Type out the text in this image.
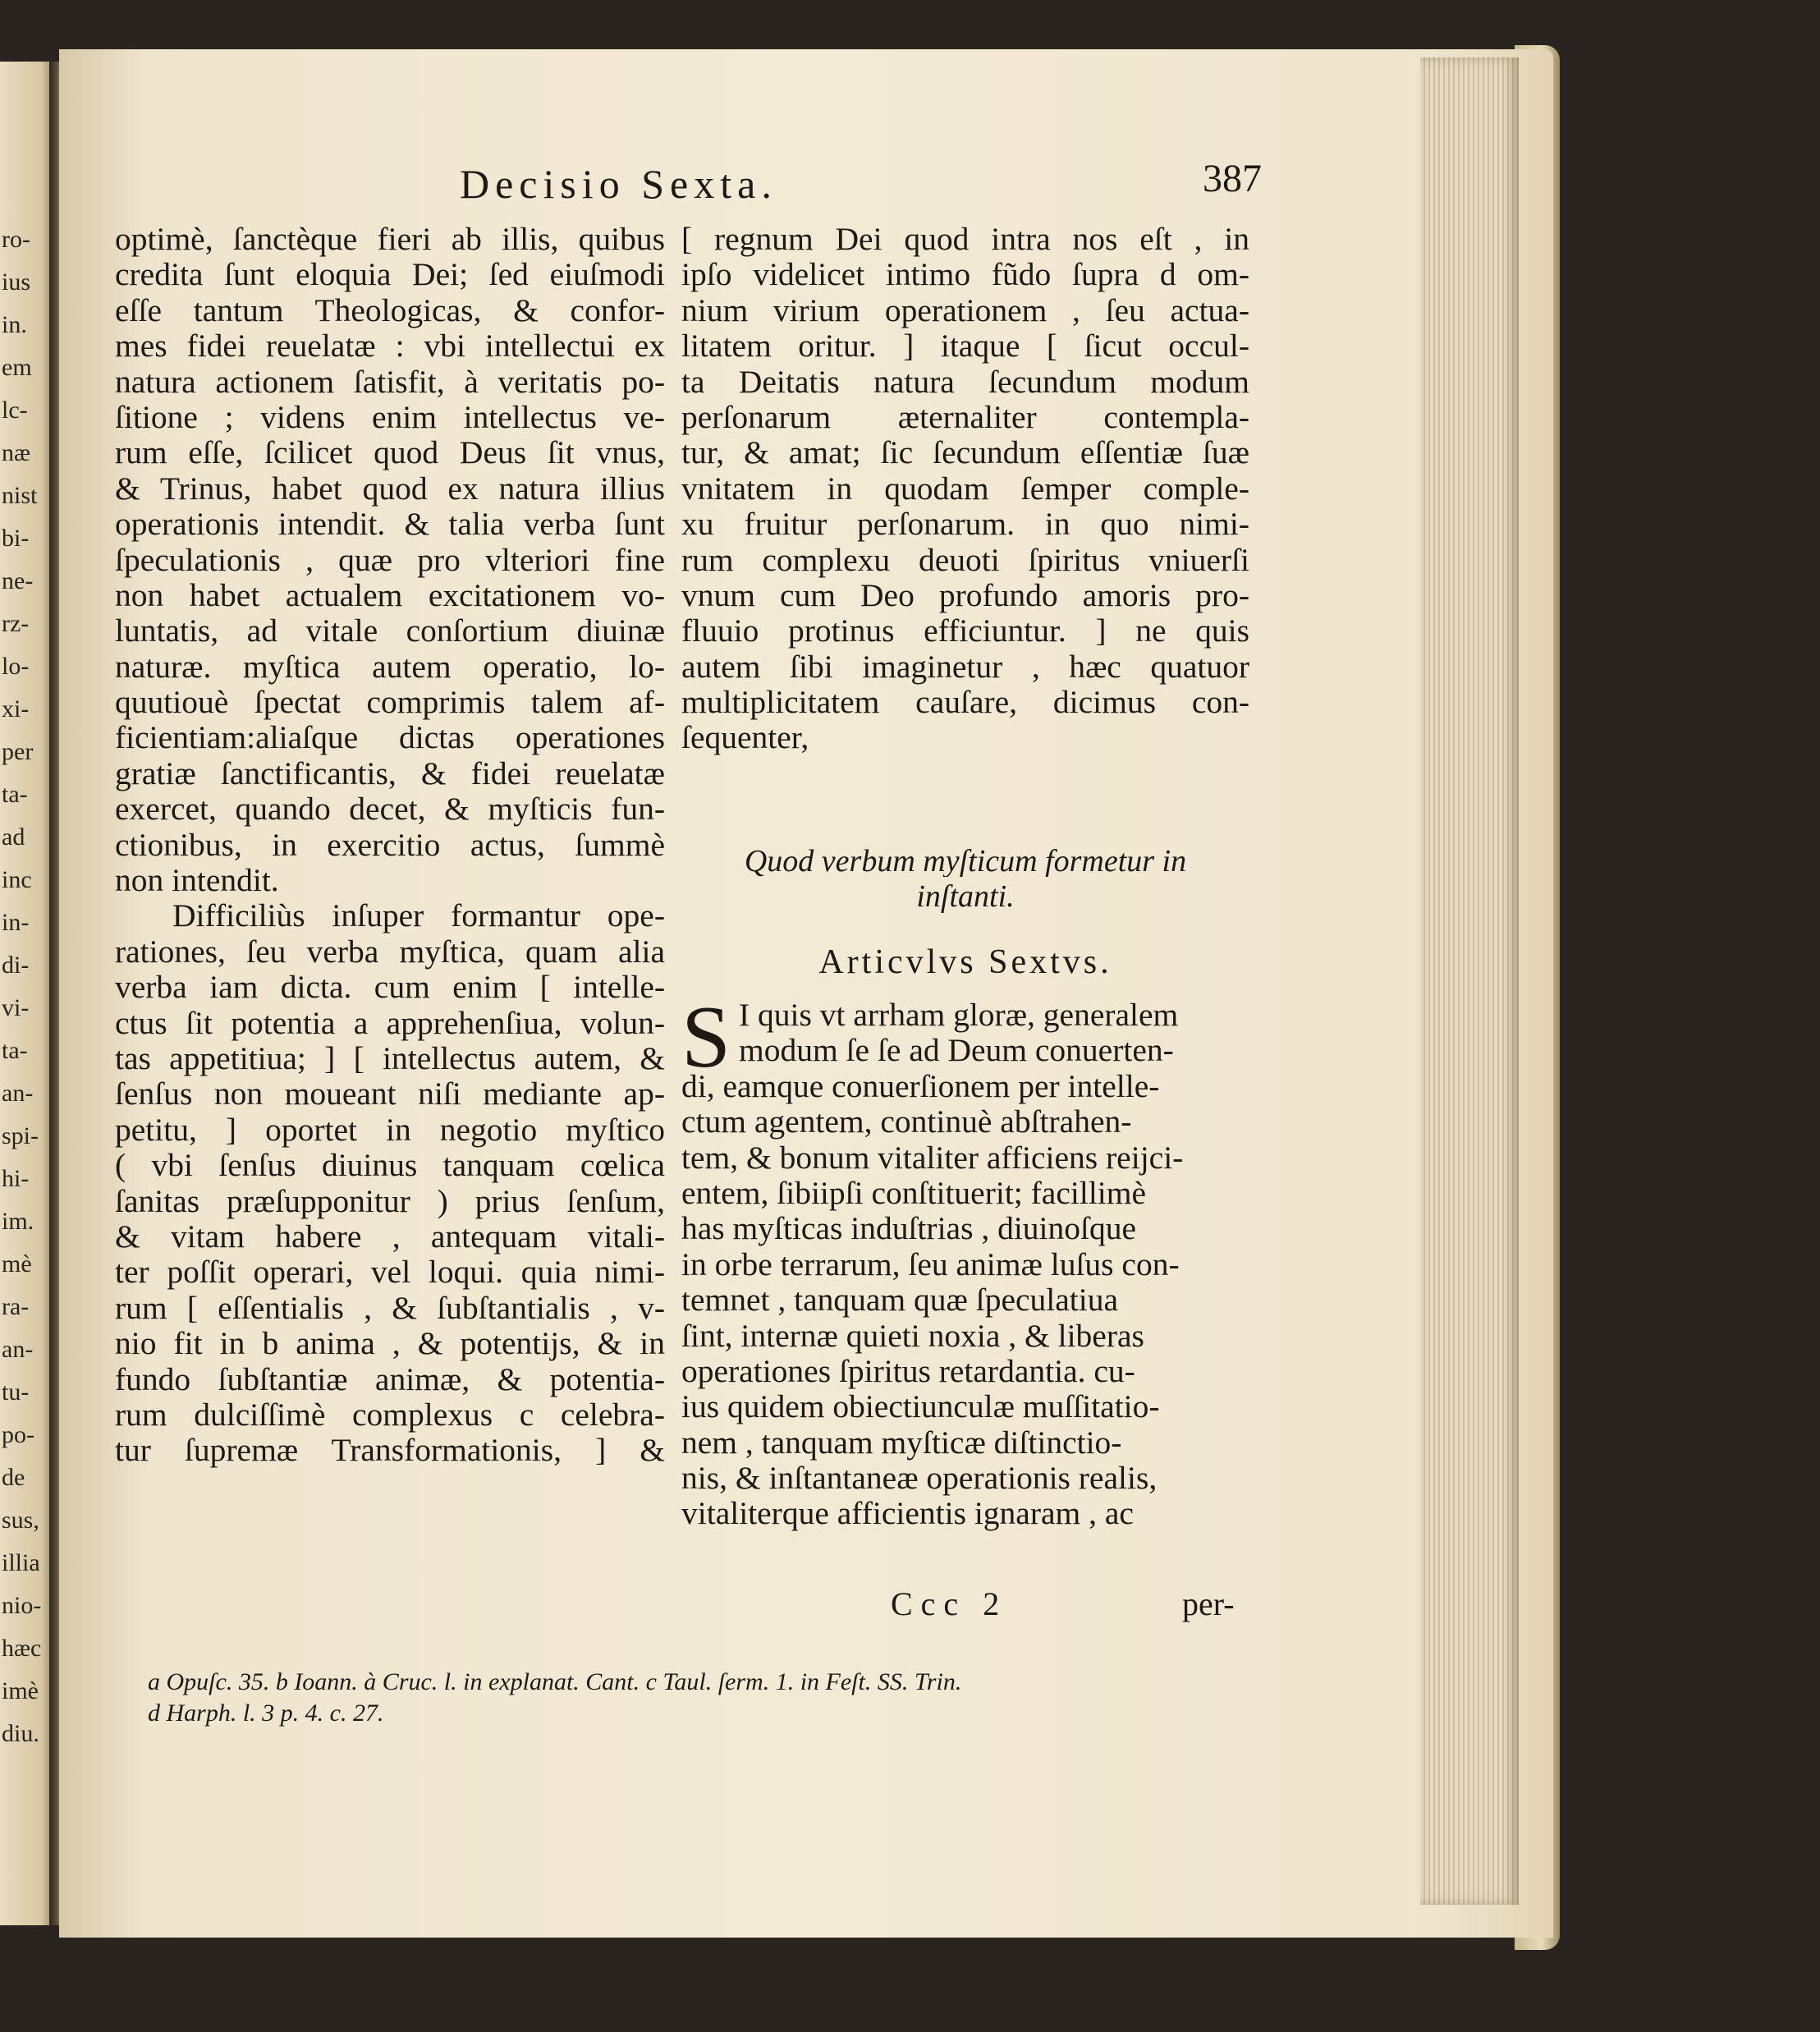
ro-
ius
in.
em
lc-
næ
nist
bi-
ne-
rz-
lo-
xi-
per
ta-
ad
inc
in-
di-
vi-
ta-
an-
spi-
hi-
im.
mè
ra-
an-
tu-
po-
de
sus,
illia
nio-
hæc
imè
diu.
Decisio Sexta.	387
optimè, ſanctèque fieri ab illis, quibus
credita ſunt eloquia Dei; ſed eiuſmodi
eſſe tantum Theologicas, & confor-
mes fidei reuelatæ : vbi intellectui ex
natura actionem ſatisfit, à veritatis po-
ſitione ; videns enim intellectus ve-
rum eſſe, ſcilicet quod Deus ſit vnus,
& Trinus, habet quod ex natura illius
operationis intendit. & talia verba ſunt
ſpeculationis , quæ pro vlteriori fine
non habet actualem excitationem vo-
luntatis, ad vitale conſortium diuinæ
naturæ. myſtica autem operatio, lo-
quutiouè ſpectat comprimis talem af-
ficientiam:aliaſque dictas operationes
gratiæ ſanctificantis, & fidei reuelatæ
exercet, quando decet, & myſticis fun-
ctionibus, in exercitio actus, ſummè
non intendit.
Difficiliùs inſuper formantur ope-
rationes, ſeu verba myſtica, quam alia
verba iam dicta. cum enim [ intelle-
ctus ſit potentia a apprehenſiua, volun-
tas appetitiua; ] [ intellectus autem, &
ſenſus non moueant niſi mediante ap-
petitu, ] oportet in negotio myſtico
( vbi ſenſus diuinus tanquam cœlica
ſanitas præſupponitur ) prius ſenſum,
& vitam habere , antequam vitali-
ter poſſit operari, vel loqui. quia nimi-
rum [ eſſentialis , & ſubſtantialis , v-
nio fit in b anima , & potentijs, & in
fundo ſubſtantiæ animæ, & potentia-
rum dulciſſimè complexus c celebra-
tur ſupremæ Transformationis, ] &
[ regnum Dei quod intra nos eſt , in
ipſo videlicet intimo fũdo ſupra d om-
nium virium operationem , ſeu actua-
litatem oritur. ] itaque [ ſicut occul-
ta Deitatis natura ſecundum modum
perſonarum æternaliter contempla-
tur, & amat; ſic ſecundum eſſentiæ ſuæ
vnitatem in quodam ſemper comple-
xu fruitur perſonarum. in quo nimi-
rum complexu deuoti ſpiritus vniuerſi
vnum cum Deo profundo amoris pro-
fluuio protinus efficiuntur. ] ne quis
autem ſibi imaginetur , hæc quatuor
multiplicitatem cauſare, dicimus con-
ſequenter,
Quod verbum myſticum formetur in
inſtanti.
Articvlvs Sextvs.
S I quis vt arrham gloræ, generalem
modum ſe ſe ad Deum conuerten-
di, eamque conuerſionem per intelle-
ctum agentem, continuè abſtrahen-
tem, & bonum vitaliter afficiens reijci-
entem, ſibiipſi conſtituerit; facillimè
has myſticas induſtrias , diuinoſque
in orbe terrarum, ſeu animæ luſus con-
temnet , tanquam quæ ſpeculatiua
ſint, internæ quieti noxia , & liberas
operationes ſpiritus retardantia. cu-
ius quidem obiectiunculæ muſſitatio-
nem , tanquam myſticæ diſtinctio-
nis, & inſtantaneæ operationis realis,
vitaliterque afficientis ignaram , ac
Ccc 2	per-
a Opuſc. 35. b Ioann. à Cruc. l. in explanat. Cant. c Taul. ſerm. 1. in Feſt. SS. Trin.
d Harph. l. 3 p. 4. c. 27.
